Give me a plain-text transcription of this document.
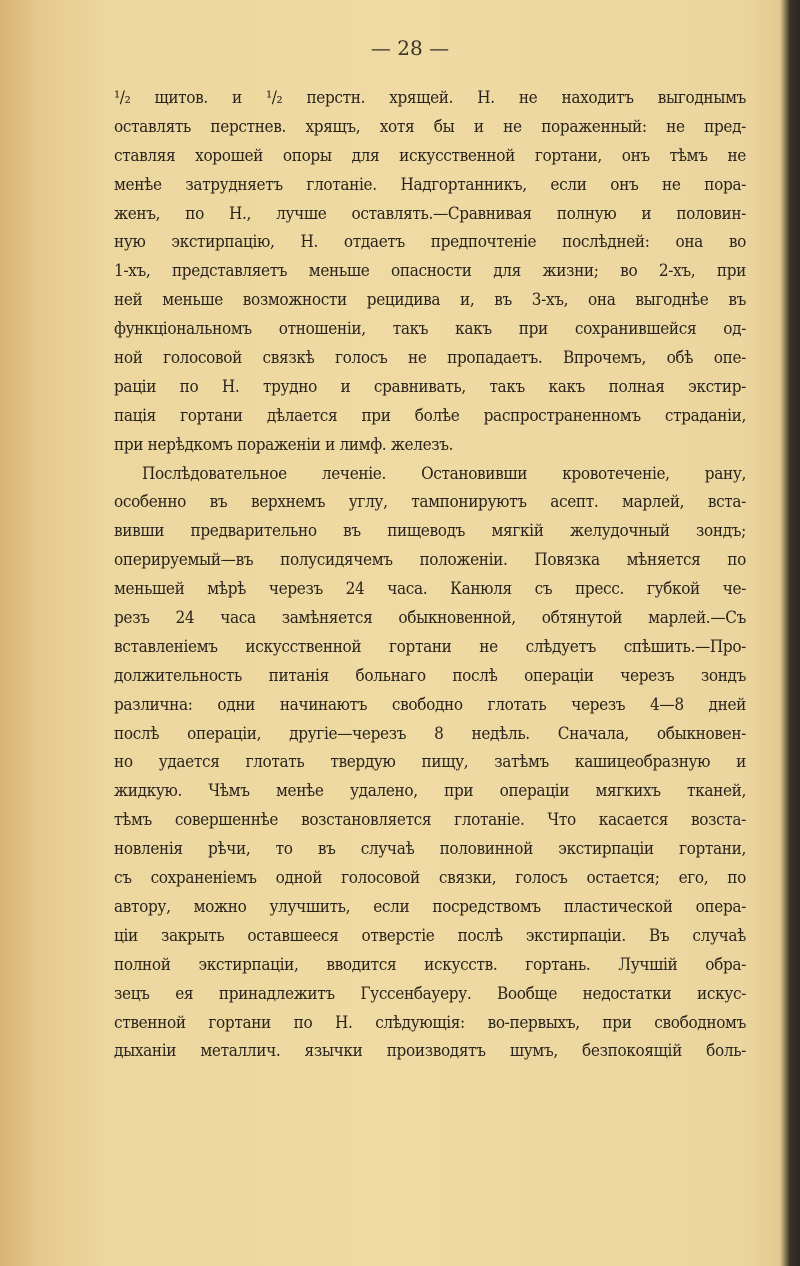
— 28 —
¹/₂ щитов. и ¹/₂ перстн. хрящей. Н. не находитъ выгоднымъ
оставлять перстнев. хрящъ, хотя бы и не пораженный: не пред-
ставляя хорошей опоры для искусственной гортани, онъ тѣмъ не
менѣе затрудняетъ глотаніе. Надгортанникъ, если онъ не пора-
женъ, по Н., лучше оставлять.—Сравнивая полную и половин-
ную экстирпацію, Н. отдаетъ предпочтеніе послѣдней: она во
1-хъ, представляетъ меньше опасности для жизни; во 2-хъ, при
ней меньше возможности рецидива и, въ 3-хъ, она выгоднѣе въ
функціональномъ отношеніи, такъ какъ при сохранившейся од-
ной голосовой связкѣ голосъ не пропадаетъ. Впрочемъ, обѣ опе-
раціи по Н. трудно и сравнивать, такъ какъ полная экстир-
пація гортани дѣлается при болѣе распространенномъ страданіи,
при нерѣдкомъ пораженіи и лимф. железъ.
Послѣдовательное леченіе. Остановивши кровотеченіе, рану,
особенно въ верхнемъ углу, тампонируютъ асепт. марлей, вста-
вивши предварительно въ пищеводъ мягкій желудочный зондъ;
оперируемый—въ полусидячемъ положеніи. Повязка мѣняется по
меньшей мѣрѣ черезъ 24 часа. Канюля съ пресс. губкой че-
резъ 24 часа замѣняется обыкновенной, обтянутой марлей.—Съ
вставленіемъ искусственной гортани не слѣдуетъ спѣшить.—Про-
должительность питанія больнаго послѣ операціи черезъ зондъ
различна: одни начинаютъ свободно глотать черезъ 4—8 дней
послѣ операціи, другіе—черезъ 8 недѣль. Сначала, обыкновен-
но удается глотать твердую пищу, затѣмъ кашицеобразную и
жидкую. Чѣмъ менѣе удалено, при операціи мягкихъ тканей,
тѣмъ совершеннѣе возстановляется глотаніе. Что касается возста-
новленія рѣчи, то въ случаѣ половинной экстирпаціи гортани,
съ сохраненіемъ одной голосовой связки, голосъ остается; его, по
автору, можно улучшить, если посредствомъ пластической опера-
ціи закрыть оставшееся отверстіе послѣ экстирпаціи. Въ случаѣ
полной экстирпаціи, вводится искусств. гортань. Лучшій обра-
зецъ ея принадлежитъ Гуссенбауеру. Вообще недостатки искус-
ственной гортани по Н. слѣдующія: во-первыхъ, при свободномъ
дыханіи металлич. язычки производятъ шумъ, безпокоящій боль-
